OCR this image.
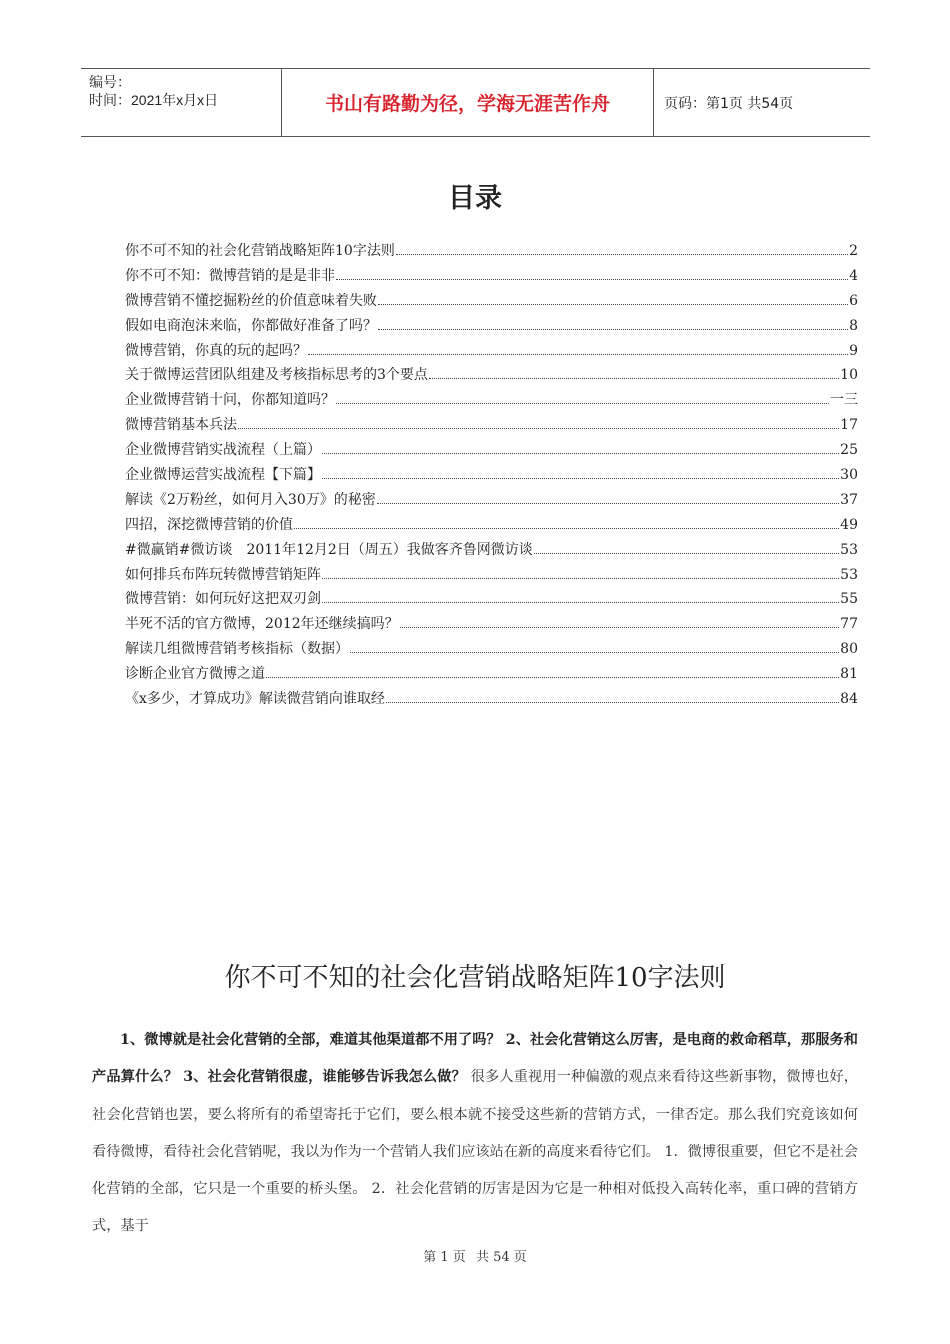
编号：
时间：2021年x月x日	书山有路勤为径，学海无涯苦作舟	页码：第1页 共54页
目录
你不可不知的社会化营销战略矩阵10字法则	2
你不可不知：微博营销的是是非非	4
微博营销不懂挖掘粉丝的价值意味着失败	6
假如电商泡沫来临，你都做好准备了吗？	8
微博营销，你真的玩的起吗？	9
关于微博运营团队组建及考核指标思考的3个要点	10
企业微博营销十问，你都知道吗？	一三
微博营销基本兵法	17
企业微博营销实战流程（上篇）	25
企业微博运营实战流程【下篇】	30
解读《2万粉丝，如何月入30万》的秘密	37
四招，深挖微博营销的价值	49
#微赢销#微访谈　2011年12月2日（周五）我做客齐鲁网微访谈	53
如何排兵布阵玩转微博营销矩阵	53
微博营销：如何玩好这把双刃剑	55
半死不活的官方微博，2012年还继续搞吗？	77
解读几组微博营销考核指标（数据）	80
诊断企业官方微博之道	81
《x多少，才算成功》解读微营销向谁取经	84
你不可不知的社会化营销战略矩阵10字法则
1、微博就是社会化营销的全部，难道其他渠道都不用了吗？ 2、社会化营销这么厉害，是电商的救命稻草，那服务和产品算什么？ 3、社会化营销很虚，谁能够告诉我怎么做？ 很多人重视用一种偏激的观点来看待这些新事物，微博也好，社会化营销也罢，要么将所有的希望寄托于它们，要么根本就不接受这些新的营销方式，一律否定。那么我们究竟该如何看待微博，看待社会化营销呢，我以为作为一个营销人我们应该站在新的高度来看待它们。 1．微博很重要，但它不是社会化营销的全部，它只是一个重要的桥头堡。 2．社会化营销的厉害是因为它是一种相对低投入高转化率，重口碑的营销方式，基于
第 1 页 共 54 页
